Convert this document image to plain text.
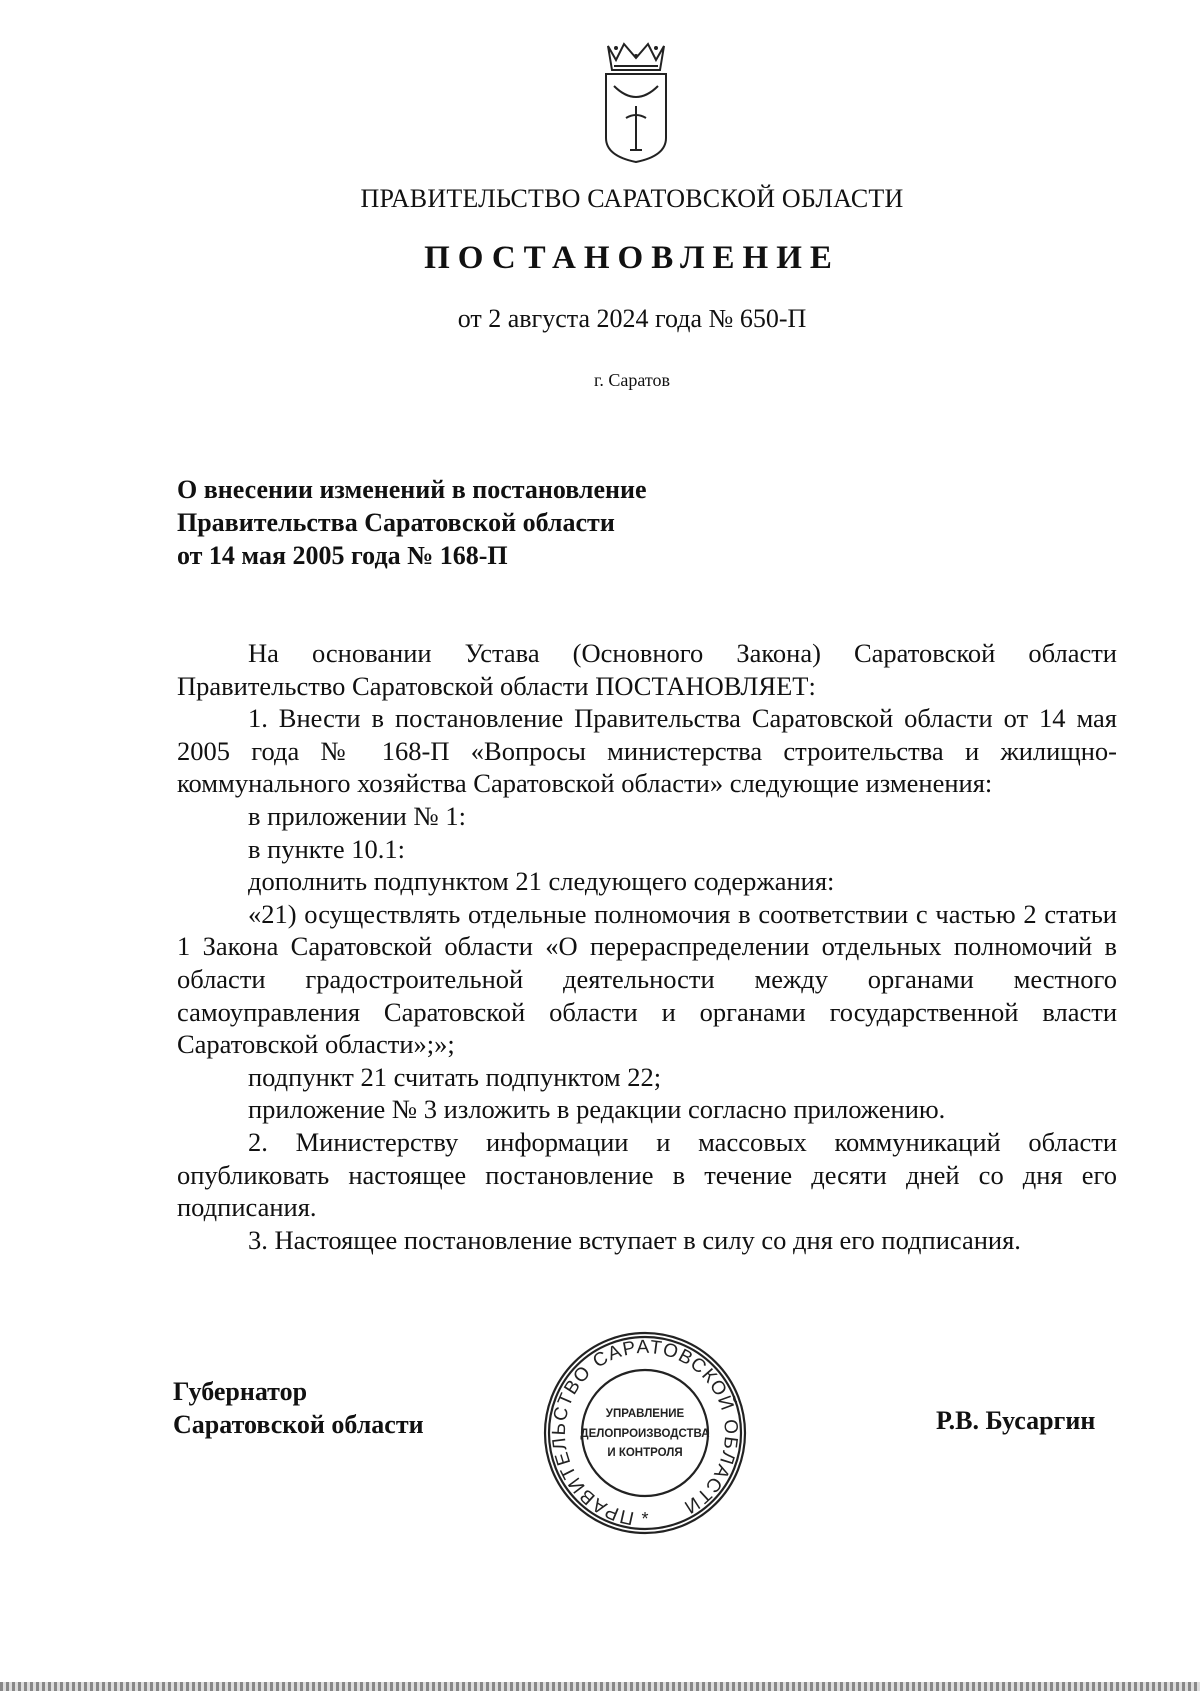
ПРАВИТЕЛЬСТВО САРАТОВСКОЙ ОБЛАСТИ
ПОСТАНОВЛЕНИЕ
от 2 августа 2024 года № 650-П
г. Саратов
О внесении изменений в постановление
Правительства Саратовской области
от 14 мая 2005 года № 168-П

На основании Устава (Основного Закона) Саратовской области Правительство Саратовской области ПОСТАНОВЛЯЕТ:

1. Внести в постановление Правительства Саратовской области от 14 мая 2005 года № 168-П «Вопросы министерства строительства и жилищно-коммунального хозяйства Саратовской области» следующие изменения:

в приложении № 1:

в пункте 10.1:

дополнить подпунктом 21 следующего содержания:

«21) осуществлять отдельные полномочия в соответствии с частью 2 статьи 1 Закона Саратовской области «О перераспределении отдельных полномочий в области градостроительной деятельности между органами местного самоуправления Саратовской области и органами государственной власти Саратовской области»;»;

подпункт 21 считать подпунктом 22;

приложение № 3 изложить в редакции согласно приложению.

2. Министерству информации и массовых коммуникаций области опубликовать настоящее постановление в течение десяти дней со дня его подписания.

3. Настоящее постановление вступает в силу со дня его подписания.

Губернатор
Саратовской области
ПРАВИТЕЛЬСТВО САРАТОВСКОЙ ОБЛАСТИ
УПРАВЛЕНИЕ
ДЕЛОПРОИЗВОДСТВА
И КОНТРОЛЯ
*
Р.В. Бусаргин
